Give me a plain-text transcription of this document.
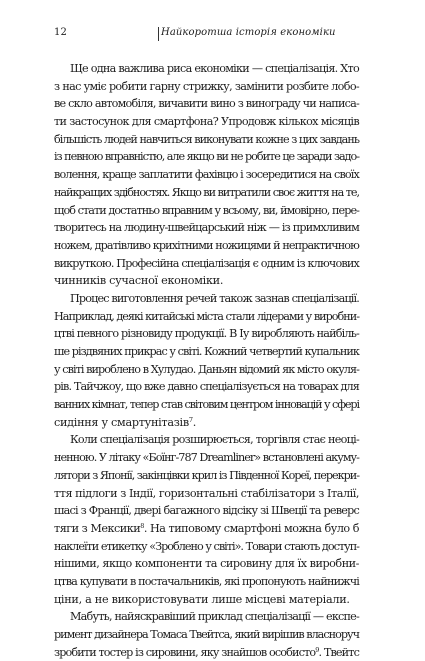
12	Найкоротша історія економіки
Ще одна важлива риса економіки — спеціалізація. Хто
з нас уміє робити гарну стрижку, замінити розбите лобо-
ве скло автомобіля, вичавити вино з винограду чи написа-
ти застосунок для смартфона? Упродовж кількох місяців
більшість людей навчиться виконувати кожне з цих завдань
із певною вправністю, але якщо ви не робите це заради задо-
волення, краще заплатити фахівцю і зосередитися на своїх
найкращих здібностях. Якщо ви витратили своє життя на те,
щоб стати достатньо вправним у всьому, ви, ймовірно, пере-
творитесь на людину-швейцарський ніж — із примхливим
ножем, дратівливо крихітними ножицями й непрактичною
викруткою. Професійна спеціалізація є одним із ключових
чинників сучасної економіки.
Процес виготовлення речей також зазнав спеціалізації.
Наприклад, деякі китайські міста стали лідерами у виробни-
цтві певного різновиду продукції. В Іу виробляють найбіль-
ше різдвяних прикрас у світі. Кожний четвертий купальник
у світі вироблено в Хулудао. Даньян відомий як місто окуля-
рів. Тайчжоу, що вже давно спеціалізується на товарах для
ванних кімнат, тепер став світовим центром інновацій у сфері
сидіння у смартунітазів$^7$.
Коли спеціалізація розширюється, торгівля стає неоці-
ненною. У літаку «Боїнг-787 Dreamliner» встановлені акуму-
лятори з Японії, закінцівки крил із Південної Кореї, перекри-
ття підлоги з Індії, горизонтальні стабілізатори з Італії,
шасі з Франції, двері багажного відсіку зі Швеції та реверс
тяги з Мексики$^8$. На типовому смартфоні можна було б
наклеїти етикетку «Зроблено у світі». Товари стають доступ-
нішими, якщо компоненти та сировину для їх виробни-
цтва купувати в постачальників, які пропонують найнижчі
ціни, а не використовувати лише місцеві матеріали.
Мабуть, найяскравіший приклад спеціалізації — експе-
римент дизайнера Томаса Твейтса, який вирішив власноруч
зробити тостер із сировини, яку знайшов особисто$^9$. Твейтс
